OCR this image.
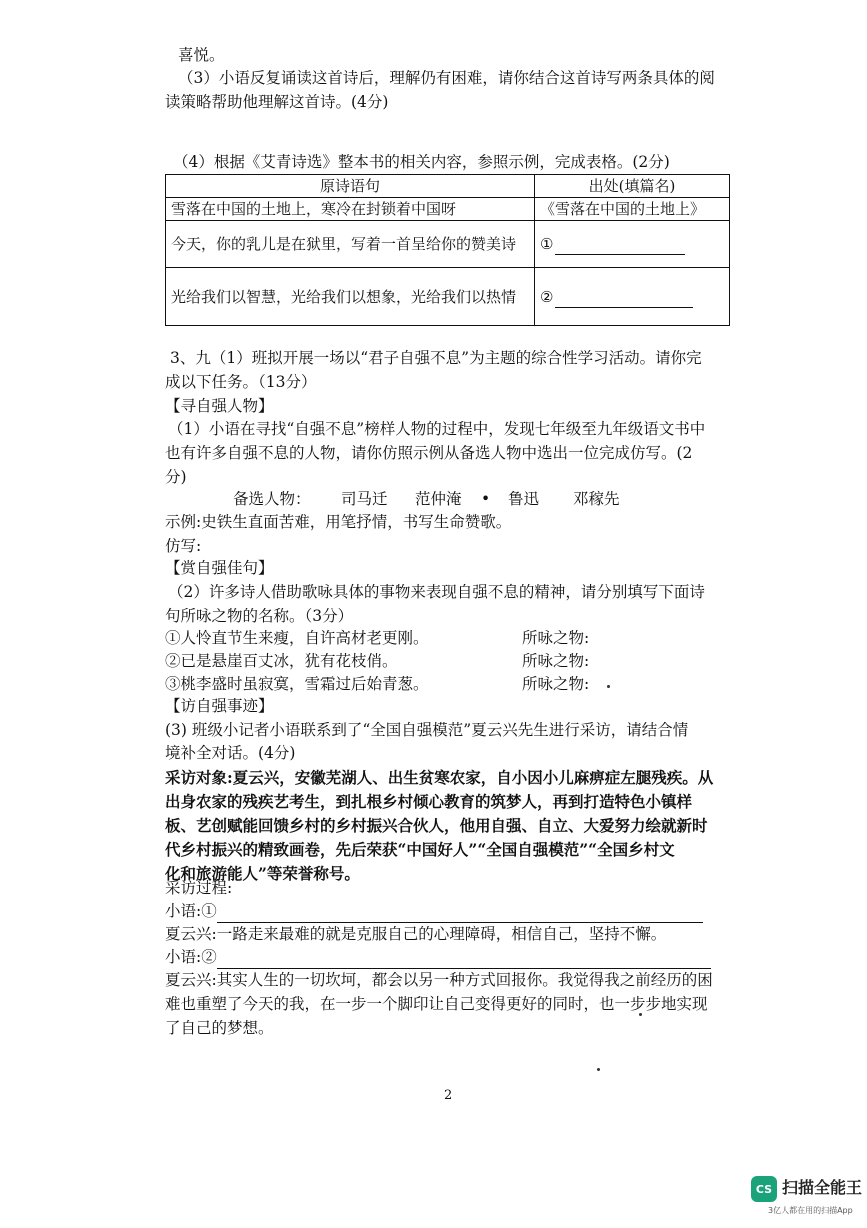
喜悦。
（3）小语反复诵读这首诗后，理解仍有困难，请你结合这首诗写两条具体的阅
读策略帮助他理解这首诗。(4分)
（4）根据《艾青诗选》整本书的相关内容，参照示例，完成表格。(2分)
原诗语句	出处(填篇名)
雪落在中国的土地上，寒冷在封锁着中国呀	《雪落在中国的土地上》
今天，你的乳儿是在狱里，写着一首呈给你的赞美诗	①
光给我们以智慧，光给我们以想象，光给我们以热情	②
3、九（1）班拟开展一场以“君子自强不息”为主题的综合性学习活动。请你完
成以下任务。（13分）
【寻自强人物】
（1）小语在寻找“自强不息”榜样人物的过程中，发现七年级至九年级语文书中
也有许多自强不息的人物，请你仿照示例从备选人物中选出一位完成仿写。(2
分)
备选人物： 司马迁 范仲淹 • 鲁迅 邓稼先
示例:史铁生直面苦难，用笔抒情，书写生命赞歌。
仿写:
【赏自强佳句】
（2）许多诗人借助歌咏具体的事物来表现自强不息的精神，请分别填写下面诗
句所咏之物的名称。（3分）
①人怜直节生来瘦，自许高材老更刚。	所咏之物:
②已是悬崖百丈冰，犹有花枝俏。	所咏之物:
③桃李盛时虽寂寞，雪霜过后始青葱。	所咏之物:
【访自强事迹】
(3) 班级小记者小语联系到了“全国自强模范”夏云兴先生进行采访，请结合情
境补全对话。(4分)
采访对象:夏云兴，安徽芜湖人、出生贫寒农家，自小因小儿麻痹症左腿残疾。从
出身农家的残疾艺考生，到扎根乡村倾心教育的筑梦人，再到打造特色小镇样
板、艺创赋能回馈乡村的乡村振兴合伙人，他用自强、自立、大爱努力绘就新时
代乡村振兴的精致画卷，先后荣获“中国好人”“全国自强模范”“全国乡村文
化和旅游能人”等荣誉称号。
采访过程:
小语:①
夏云兴:一路走来最难的就是克服自己的心理障碍，相信自己，坚持不懈。
小语:②
夏云兴:其实人生的一切坎坷，都会以另一种方式回报你。我觉得我之前经历的困
难也重塑了今天的我，在一步一个脚印让自己变得更好的同时，也一步步地实现
了自己的梦想。
2
CS 扫描全能王
3亿人都在用的扫描App
